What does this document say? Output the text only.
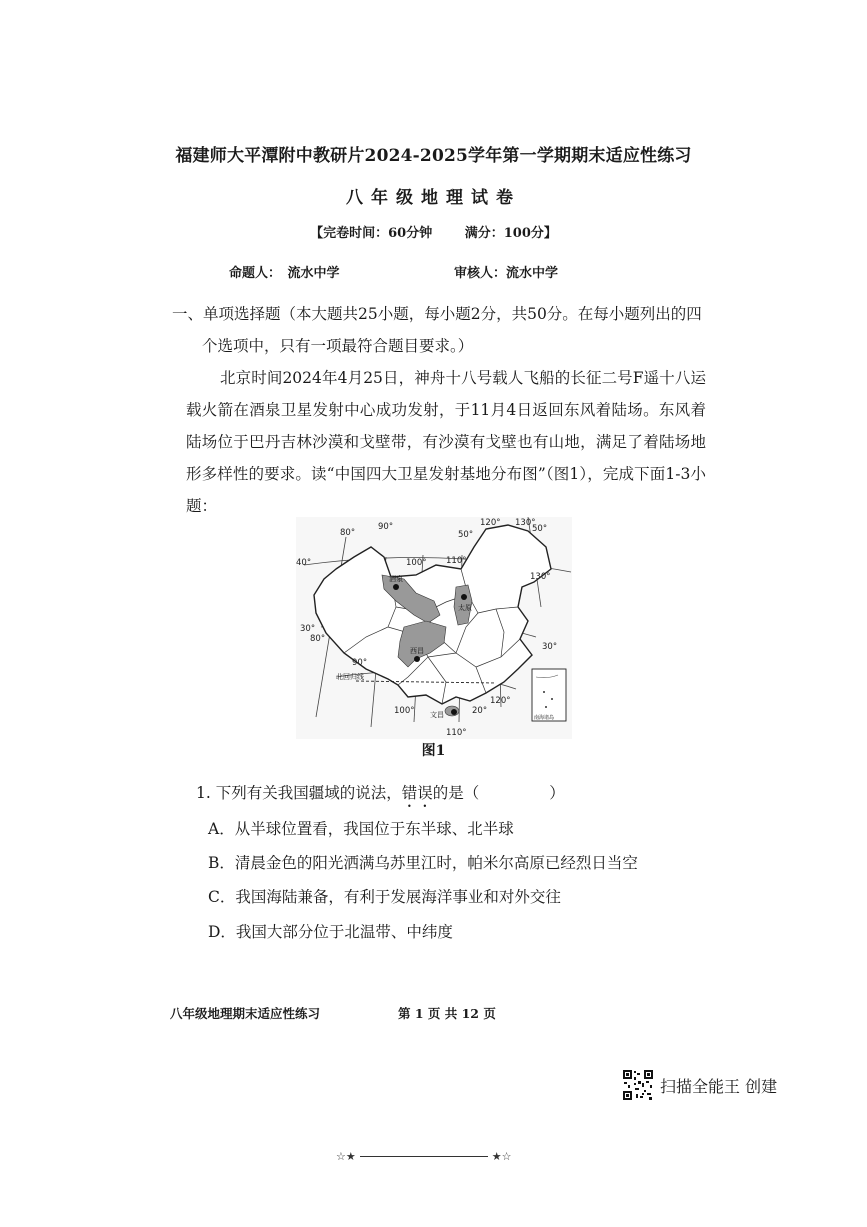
福建师大平潭附中教研片2024-2025学年第一学期期末适应性练习
八年级地理试卷
【完卷时间：60分钟	满分：100分】
命题人：　流水中学	审核人：流水中学
一、单项选择题（本大题共25小题，每小题2分，共50分。在每小题列出的四
个选项中，只有一项最符合题目要求。）
北京时间2024年4月25日，神舟十八号载人飞船的长征二号F遥十八运载火箭在酒泉卫星发射中心成功发射，于11月4日返回东风着陆场。东风着陆场位于巴丹吉林沙漠和戈壁带，有沙漠有戈壁也有山地，满足了着陆场地形多样性的要求。读“中国四大卫星发射基地分布图”（图1），完成下面1-3小题：
80°
90°
100° 110°
120° 130°
50°
50°
40°
30°
30°
20°
80°
90°
100°
110°
120°
130°
酒泉
太原
西昌
文昌
北回归线
南海诸岛
图1
1. 下列有关我国疆域的说法，错误的是（	）
A．从半球位置看，我国位于东半球、北半球
B．清晨金色的阳光洒满乌苏里江时，帕米尔高原已经烈日当空
C．我国海陆兼备，有利于发展海洋事业和对外交往
D．我国大部分位于北温带、中纬度
八年级地理期末适应性练习	第 1 页 共 12 页
扫描全能王 创建
☆★	★☆
